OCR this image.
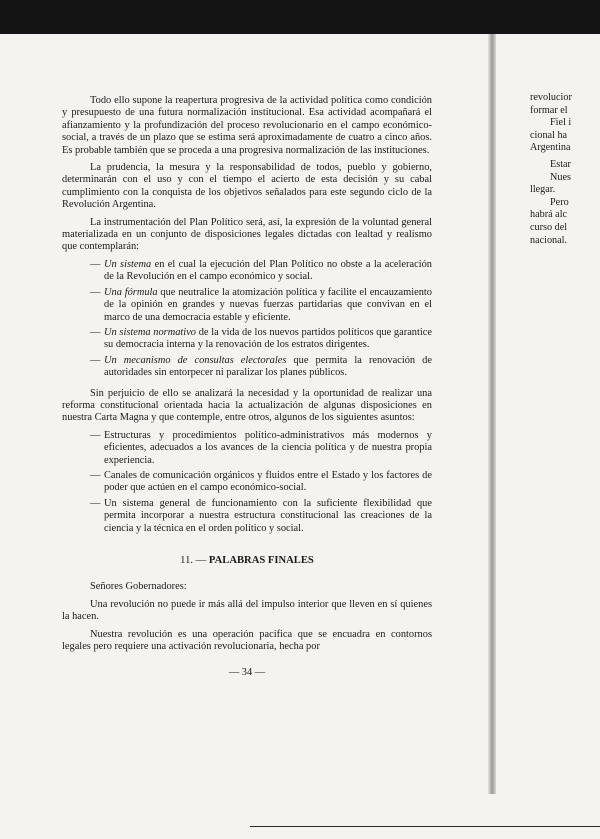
Todo ello supone la reapertura progresiva de la actividad política como condición y presupuesto de una futura normalización institucional. Esa actividad acompañará el afianzamiento y la profundización del proceso revolucionario en el campo económico-social, a través de un plazo que se estima será aproximadamente de cuatro a cinco años. Es probable también que se proceda a una progresiva normalización de las instituciones.

La prudencia, la mesura y la responsabilidad de todos, pueblo y gobierno, determinarán con el uso y con el tiempo el acierto de esta decisión y su cabal cumplimiento con la conquista de los objetivos señalados para este segundo ciclo de la Revolución Argentina.

La instrumentación del Plan Político será, así, la expresión de la voluntad general materializada en un conjunto de disposiciones legales dictadas con lealtad y realismo que contemplarán:

— Un sistema en el cual la ejecución del Plan Político no obste a la aceleración de la Revolución en el campo económico y social.
— Una fórmula que neutralice la atomización política y facilite el encauzamiento de la opinión en grandes y nuevas fuerzas partidarias que convivan en el marco de una democracia estable y eficiente.
— Un sistema normativo de la vida de los nuevos partidos políticos que garantice su democracia interna y la renovación de los estratos dirigentes.
— Un mecanismo de consultas electorales que permita la renovación de autoridades sin entorpecer ni paralizar los planes públicos.

Sin perjuicio de ello se analizará la necesidad y la oportunidad de realizar una reforma constitucional orientada hacia la actualización de algunas disposiciones en nuestra Carta Magna y que contemple, entre otros, algunos de los siguientes asuntos:

— Estructuras y procedimientos político-administrativos más modernos y eficientes, adecuados a los avances de la ciencia política y de nuestra propia experiencia.
— Canales de comunicación orgánicos y fluidos entre el Estado y los factores de poder que actúen en el campo económico-social.
— Un sistema general de funcionamiento con la suficiente flexibilidad que permita incorporar a nuestra estructura constitucional las creaciones de la ciencia y la técnica en el orden político y social.
11. — PALABRAS FINALES

Señores Gobernadores:

Una revolución no puede ir más allá del impulso interior que lleven en sí quienes la hacen.

Nuestra revolución es una operación pacífica que se encuadra en contornos legales pero requiere una activación revolucionaria, hecha por

— 34 —
revolucior
formar el
Fiel i
cional ha
Argentina
Estar
Nues
llegar.
Pero
habrá alc
curso del
nacional.
